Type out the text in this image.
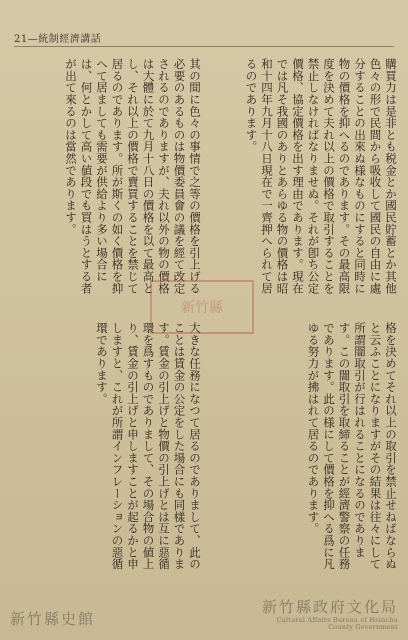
21—統制經濟講話
購買力は是非とも税金とか國民貯蓄とか其他色々の形で民間から吸收して國民の自由に處分することの出來ぬ様なものにすると同時に物の價格を抑へるのであります。その最高限度を決めて夫れ以上の價格で取引することを禁止しなければなりませぬ。それが卽ち公定價格、協定價格を出す理由であります。現在では凡そ我國のありとあらゆる物の價格は昭和十四年九月十八日現在で一齊押へられて居るのであります。
其の間に色々の事情で之等の價格を引上げる必要のあるものは物價委員會の議を經て改定されるのでありますが、夫れ以外の物の價格は大體に於て九月十八日の價格を以て最高とし、それ以上の價格で賣買することを禁じて居るのであります。所が斯くの如く價格を抑へて居ましても需要が供給より多い場合には、何とかして高い値段でも買はうとする者が出て來るのは當然であります。
格を決めてそれ以上の取引を禁止せねばならぬと云ふことになりますがその結果は往々にして所謂闇取引が行はれることになるのであります。この闇取引を取締ることが經濟警察の任務であります。此の様にして價格を抑へる爲に凡ゆる努力が拂はれて居るのであります。
大きな任務になつて居るのでありまして、此のことは賃金の公定をした場合にも同樣であります。賃金の引上げと物價の引上げとは互に惡循環を爲すものでありまして、その場合物の値上り、賃金の引上げと申しますことが起るかと申しますと、これが所謂インフレーションの惡循環であります。
新竹縣
新竹縣史館
新竹縣政府文化局
Cultural Affairs Bureau of Hsinchu
County Government
